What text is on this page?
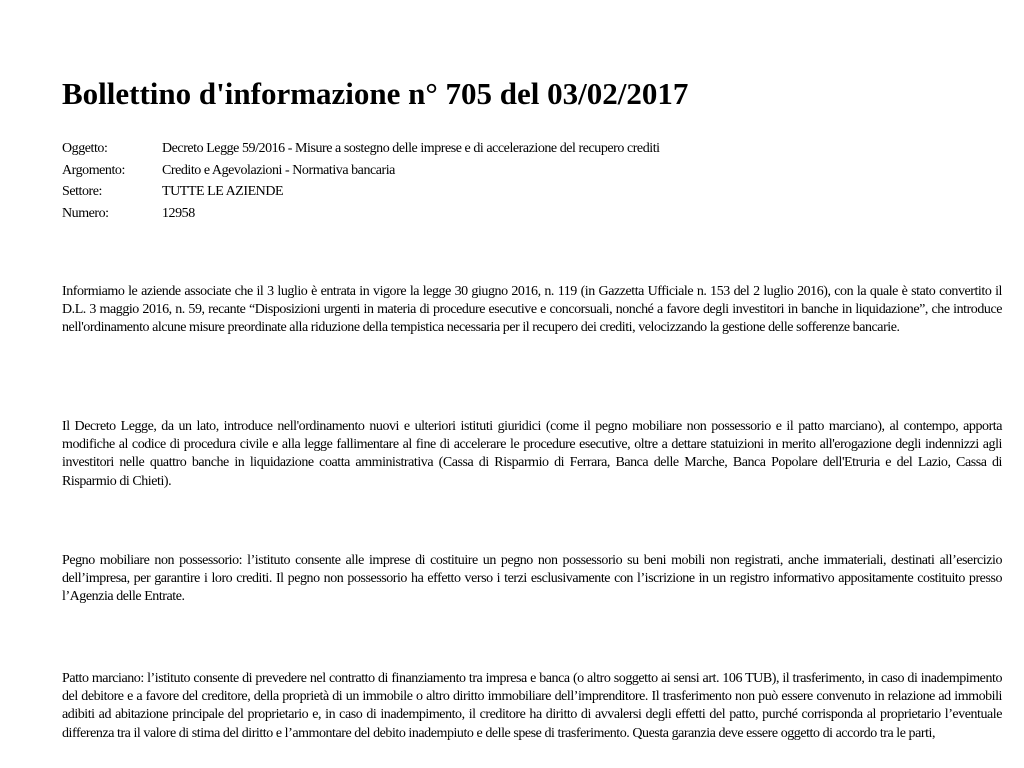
Bollettino d'informazione n° 705 del 03/02/2017
Oggetto:	Decreto Legge 59/2016 - Misure a sostegno delle imprese e di accelerazione del recupero crediti
Argomento:	Credito e Agevolazioni - Normativa bancaria
Settore:	TUTTE LE AZIENDE
Numero:	12958

Informiamo le aziende associate che il 3 luglio è entrata in vigore la legge 30 giugno 2016, n. 119 (in Gazzetta Ufficiale n. 153 del 2 luglio 2016), con la quale è stato convertito il D.L. 3 maggio 2016, n. 59, recante “Disposizioni urgenti in materia di procedure esecutive e concorsuali, nonché a favore degli investitori in banche in liquidazione”, che introduce nell'ordinamento alcune misure preordinate alla riduzione della tempistica necessaria per il recupero dei crediti, velocizzando la gestione delle sofferenze bancarie.

Il Decreto Legge, da un lato, introduce nell'ordinamento nuovi e ulteriori istituti giuridici (come il pegno mobiliare non possessorio e il patto marciano), al contempo, apporta modifiche al codice di procedura civile e alla legge fallimentare al fine di accelerare le procedure esecutive, oltre a dettare statuizioni in merito all'erogazione degli indennizzi agli investitori nelle quattro banche in liquidazione coatta amministrativa (Cassa di Risparmio di Ferrara, Banca delle Marche, Banca Popolare dell'Etruria e del Lazio, Cassa di Risparmio di Chieti).

Pegno mobiliare non possessorio: l’istituto consente alle imprese di costituire un pegno non possessorio su beni mobili non registrati, anche immateriali, destinati all’esercizio dell’impresa, per garantire i loro crediti. Il pegno non possessorio ha effetto verso i terzi esclusivamente con l’iscrizione in un registro informativo appositamente costituito presso l’Agenzia delle Entrate.

Patto marciano: l’istituto consente di prevedere nel contratto di finanziamento tra impresa e banca (o altro soggetto ai sensi art. 106 TUB), il trasferimento, in caso di inadempimento del debitore e a favore del creditore, della proprietà di un immobile o altro diritto immobiliare dell’imprenditore. Il trasferimento non può essere convenuto in relazione ad immobili adibiti ad abitazione principale del proprietario e, in caso di inadempimento, il creditore ha diritto di avvalersi degli effetti del patto, purché corrisponda al proprietario l’eventuale differenza tra il valore di stima del diritto e l’ammontare del debito inadempiuto e delle spese di trasferimento. Questa garanzia deve essere oggetto di accordo tra le parti,
